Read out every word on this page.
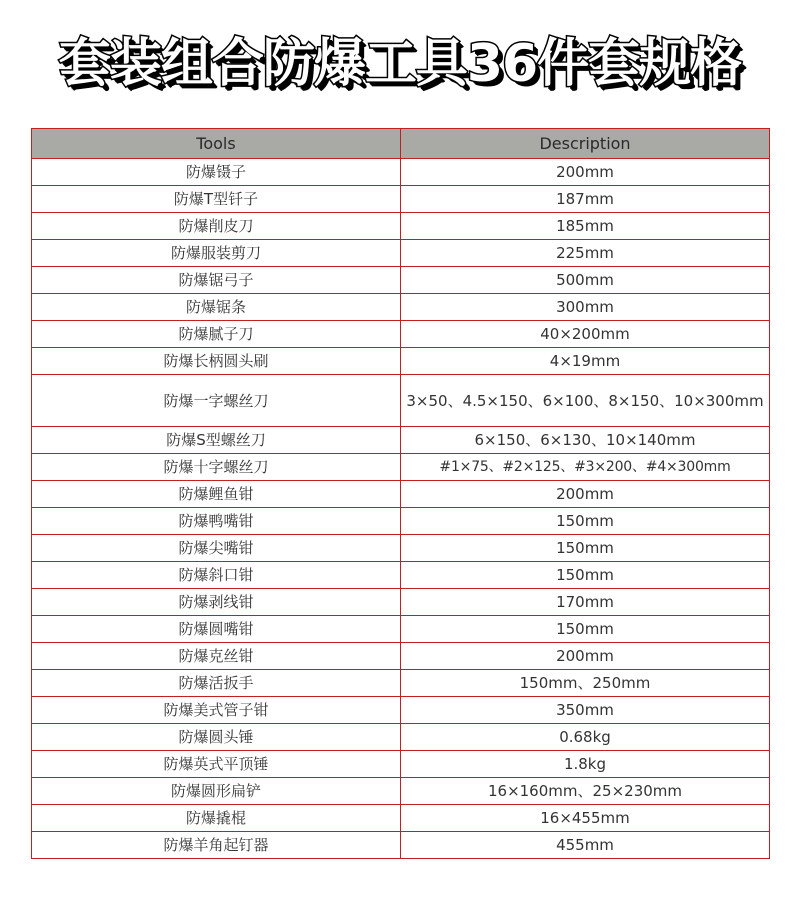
套装组合防爆工具36件套规格
Tools	Description
防爆镊子	200mm
防爆T型钎子	187mm
防爆削皮刀	185mm
防爆服装剪刀	225mm
防爆锯弓子	500mm
防爆锯条	300mm
防爆腻子刀	40×200mm
防爆长柄圆头刷	4×19mm
防爆一字螺丝刀	3×50、4.5×150、6×100、8×150、10×300mm
防爆S型螺丝刀	6×150、6×130、10×140mm
防爆十字螺丝刀	#1×75、#2×125、#3×200、#4×300mm
防爆鲤鱼钳	200mm
防爆鸭嘴钳	150mm
防爆尖嘴钳	150mm
防爆斜口钳	150mm
防爆剥线钳	170mm
防爆圆嘴钳	150mm
防爆克丝钳	200mm
防爆活扳手	150mm、250mm
防爆美式管子钳	350mm
防爆圆头锤	0.68kg
防爆英式平顶锤	1.8kg
防爆圆形扁铲	16×160mm、25×230mm
防爆撬棍	16×455mm
防爆羊角起钉器	455mm
